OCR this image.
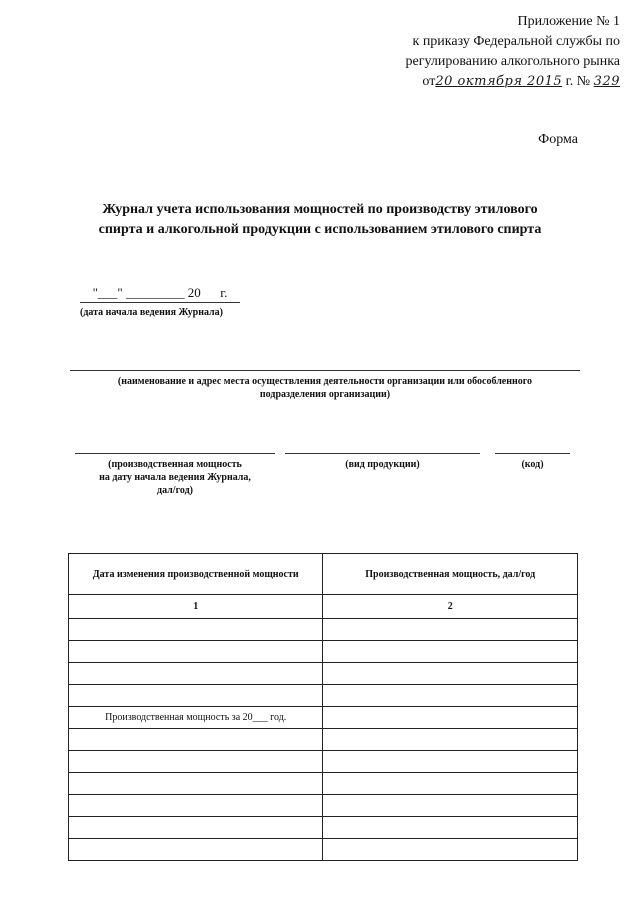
Приложение № 1
к приказу Федеральной службы по
регулированию алкогольного рынка
от20 октября 2015 г. № 329
Форма
Журнал учета использования мощностей по производству этилового
спирта и алкогольной продукции с использованием этилового спирта
"___" _________ 20      г.
(дата начала ведения Журнала)
(наименование и адрес места осуществления деятельности организации или обособленного
подразделения организации)
(производственная мощность
на дату начала ведения Журнала,
дал/год)
(вид продукции)	(код)
Дата изменения производственной мощности	Производственная мощность, дал/год
1	2

Производственная мощность за 20___ год.	
